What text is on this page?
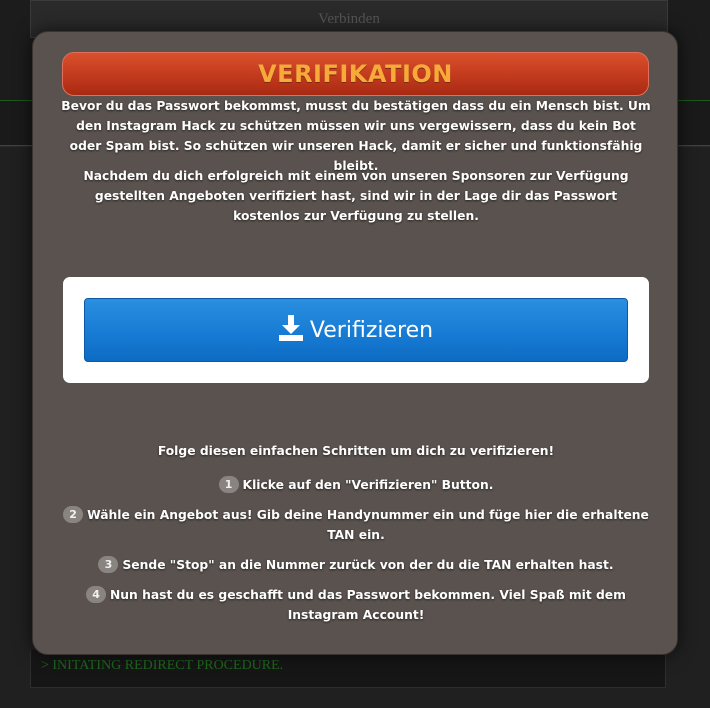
Verbinden
> INITATING REDIRECT PROCEDURE.
VERIFIKATION
Bevor du das Passwort bekommst, musst du bestätigen dass du ein Mensch bist. Um den Instagram Hack zu schützen müssen wir uns vergewissern, dass du kein Bot oder Spam bist. So schützen wir unseren Hack, damit er sicher und funktionsfähig bleibt.
Nachdem du dich erfolgreich mit einem von unseren Sponsoren zur Verfügung gestellten Angeboten verifiziert hast, sind wir in der Lage dir das Passwort kostenlos zur Verfügung zu stellen.
Verifizieren
Folge diesen einfachen Schritten um dich zu verifizieren!
1 Klicke auf den "Verifizieren" Button.
2 Wähle ein Angebot aus! Gib deine Handynummer ein und füge hier die erhaltene TAN ein.
3 Sende "Stop" an die Nummer zurück von der du die TAN erhalten hast.
4 Nun hast du es geschafft und das Passwort bekommen. Viel Spaß mit dem Instagram Account!
